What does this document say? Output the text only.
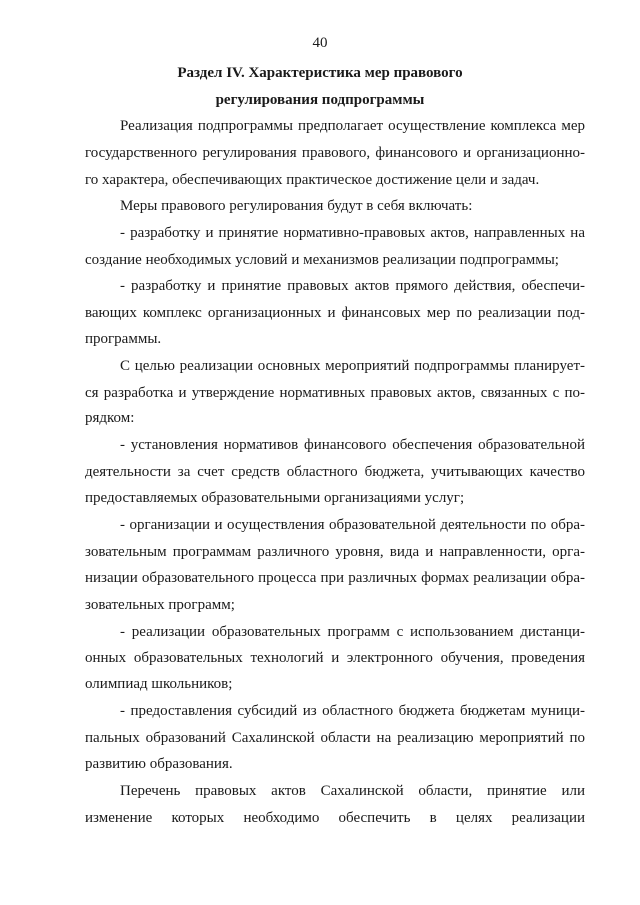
40
Раздел IV. Характеристика мер правового
регулирования подпрограммы
Реализация подпрограммы предполагает осуществление комплекса мер
государственного регулирования правового, финансового и организационно-
го характера, обеспечивающих практическое достижение цели и задач.
Меры правового регулирования будут в себя включать:
- разработку и принятие нормативно-правовых актов, направленных на
создание необходимых условий и механизмов реализации подпрограммы;
- разработку и принятие правовых актов прямого действия, обеспечи-
вающих комплекс организационных и финансовых мер по реализации под-
программы.
С целью реализации основных мероприятий подпрограммы планирует-
ся разработка и утверждение нормативных правовых актов, связанных с по-
рядком:
- установления нормативов финансового обеспечения образовательной
деятельности за счет средств областного бюджета, учитывающих качество
предоставляемых образовательными организациями услуг;
- организации и осуществления образовательной деятельности по обра-
зовательным программам различного уровня, вида и направленности, орга-
низации образовательного процесса при различных формах реализации обра-
зовательных программ;
- реализации образовательных программ с использованием дистанци-
онных образовательных технологий и электронного обучения, проведения
олимпиад школьников;
- предоставления субсидий из областного бюджета бюджетам муници-
пальных образований Сахалинской области на реализацию мероприятий по
развитию образования.
Перечень правовых актов Сахалинской области, принятие или
изменение которых необходимо обеспечить в целях реализации
